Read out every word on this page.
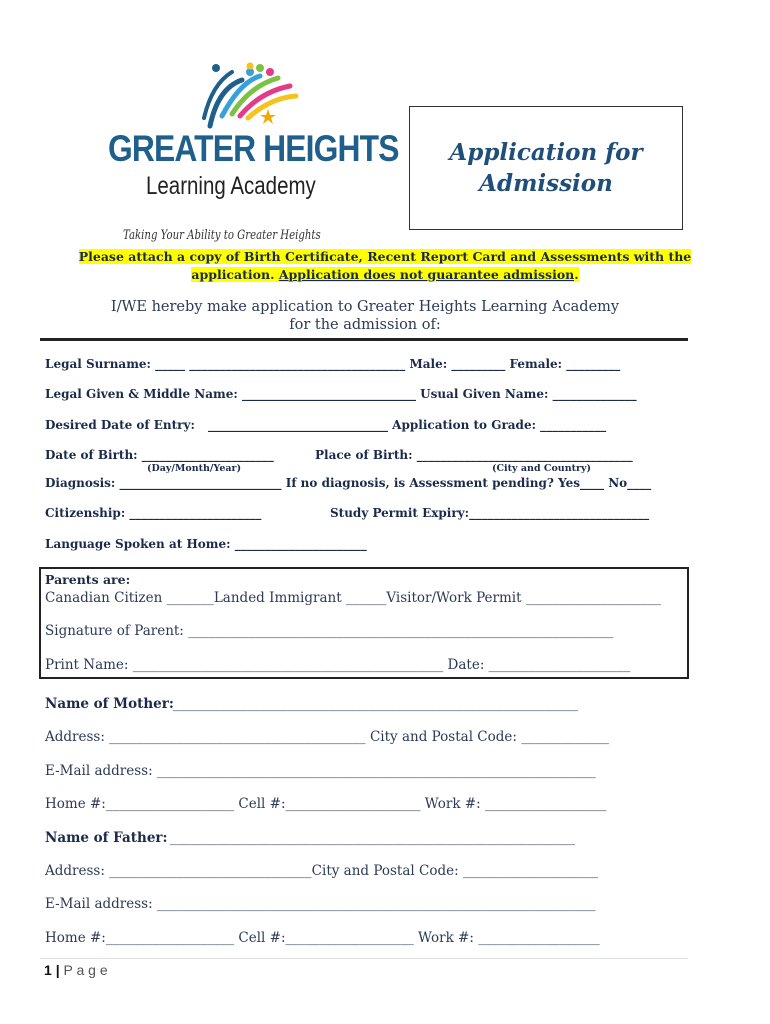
GREATER HEIGHTS
Learning Academy
Taking Your Ability to Greater Heights
Application for Admission
Please attach a copy of Birth Certificate, Recent Report Card and Assessments with the application. Application does not guarantee admission.
I/WE hereby make application to Greater Heights Learning Academy
for the admission of:
Legal Surname: _____ ____________________________________ Male: _________ Female: _________
Legal Given & Middle Name: _____________________________ Usual Given Name: ______________
Desired Date of Entry: ______________________________ Application to Grade: ___________
Date of Birth: ______________________	Place of Birth: ____________________________________
(Day/Month/Year)	(City and Country)
Diagnosis: ___________________________ If no diagnosis, is Assessment pending? Yes____ No____
Citizenship: ______________________	Study Permit Expiry:______________________________
Language Spoken at Home: ______________________
Parents are:
Canadian Citizen _______Landed Immigrant ______Visitor/Work Permit ____________________
Signature of Parent: _______________________________________________________________
Print Name: ______________________________________________ Date: _____________________
Name of Mother: ____________________________________________________________
Address: ______________________________________ City and Postal Code: _____________
E-Mail address: _________________________________________________________________
Home #:___________________ Cell #:____________________ Work #: __________________
Name of Father: ____________________________________________________________
Address: ______________________________City and Postal Code: ____________________
E-Mail address: _________________________________________________________________
Home #:___________________ Cell #:___________________ Work #: __________________
1 | P a g e
